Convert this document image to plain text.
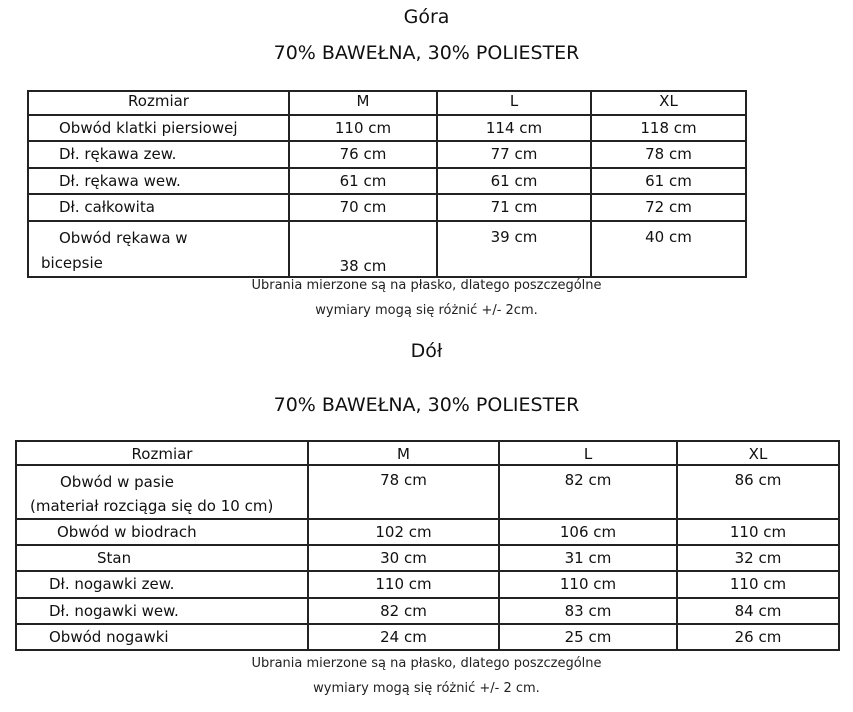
Góra
70% BAWEŁNA, 30% POLIESTER
Rozmiar	M	L	XL
Obwód klatki piersiowej	110 cm	114 cm	118 cm
Dł. rękawa zew.	76 cm	77 cm	78 cm
Dł. rękawa wew.	61 cm	61 cm	61 cm
Dł. całkowita	70 cm	71 cm	72 cm

Obwód rękawa w
bicepsie	38 cm	39 cm	40 cm
Ubrania mierzone są na płasko, dlatego poszczególne
wymiary mogą się różnić +/- 2cm.
Dół
70% BAWEŁNA, 30% POLIESTER
Rozmiar	M	L	XL

Obwód w pasie
(materiał rozciąga się do 10 cm)	78 cm	82 cm	86 cm
Obwód w biodrach	102 cm	106 cm	110 cm
Stan	30 cm	31 cm	32 cm
Dł. nogawki zew.	110 cm	110 cm	110 cm
Dł. nogawki wew.	82 cm	83 cm	84 cm
Obwód nogawki	24 cm	25 cm	26 cm
Ubrania mierzone są na płasko, dlatego poszczególne
wymiary mogą się różnić +/- 2 cm.
